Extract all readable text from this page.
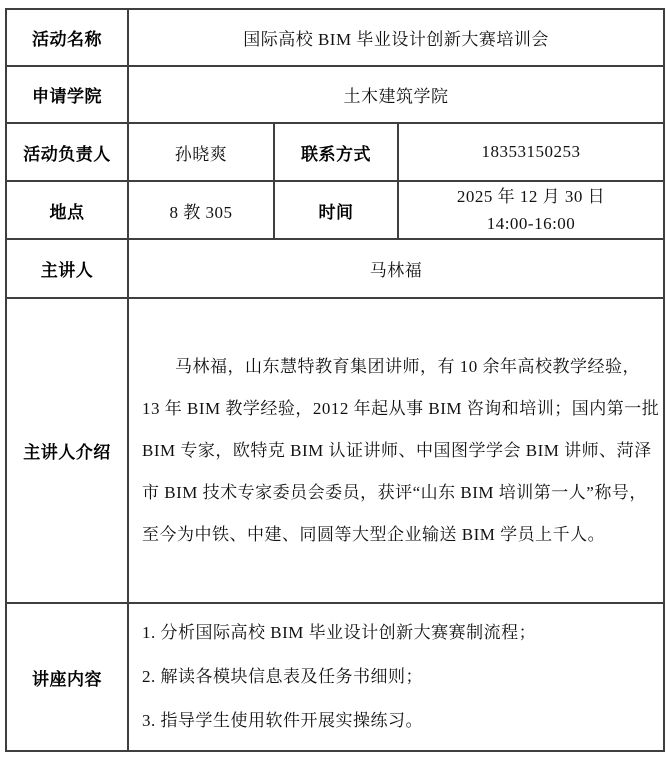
活动名称	国际高校 BIM 毕业设计创新大赛培训会		
申请学院	土木建筑学院		
活动负责人	孙晓爽	联系方式	18353150253
地点	8 教 305	时间	2025 年 12 月 30 日
14:00-16:00

主讲人	马林福		
主讲人介绍	马林福，山东慧特教育集团讲师，有 10 余年高校教学经验，
13 年 BIM 教学经验，2012 年起从事 BIM 咨询和培训；国内第一批
BIM 专家，欧特克 BIM 认证讲师、中国图学学会 BIM 讲师、菏泽
市 BIM 技术专家委员会委员，获评“山东 BIM 培训第一人”称号，
至今为中铁、中建、同圆等大型企业输送 BIM 学员上千人。		

讲座内容	1. 分析国际高校 BIM 毕业设计创新大赛赛制流程；
2. 解读各模块信息表及任务书细则；
3. 指导学生使用软件开展实操练习。		
